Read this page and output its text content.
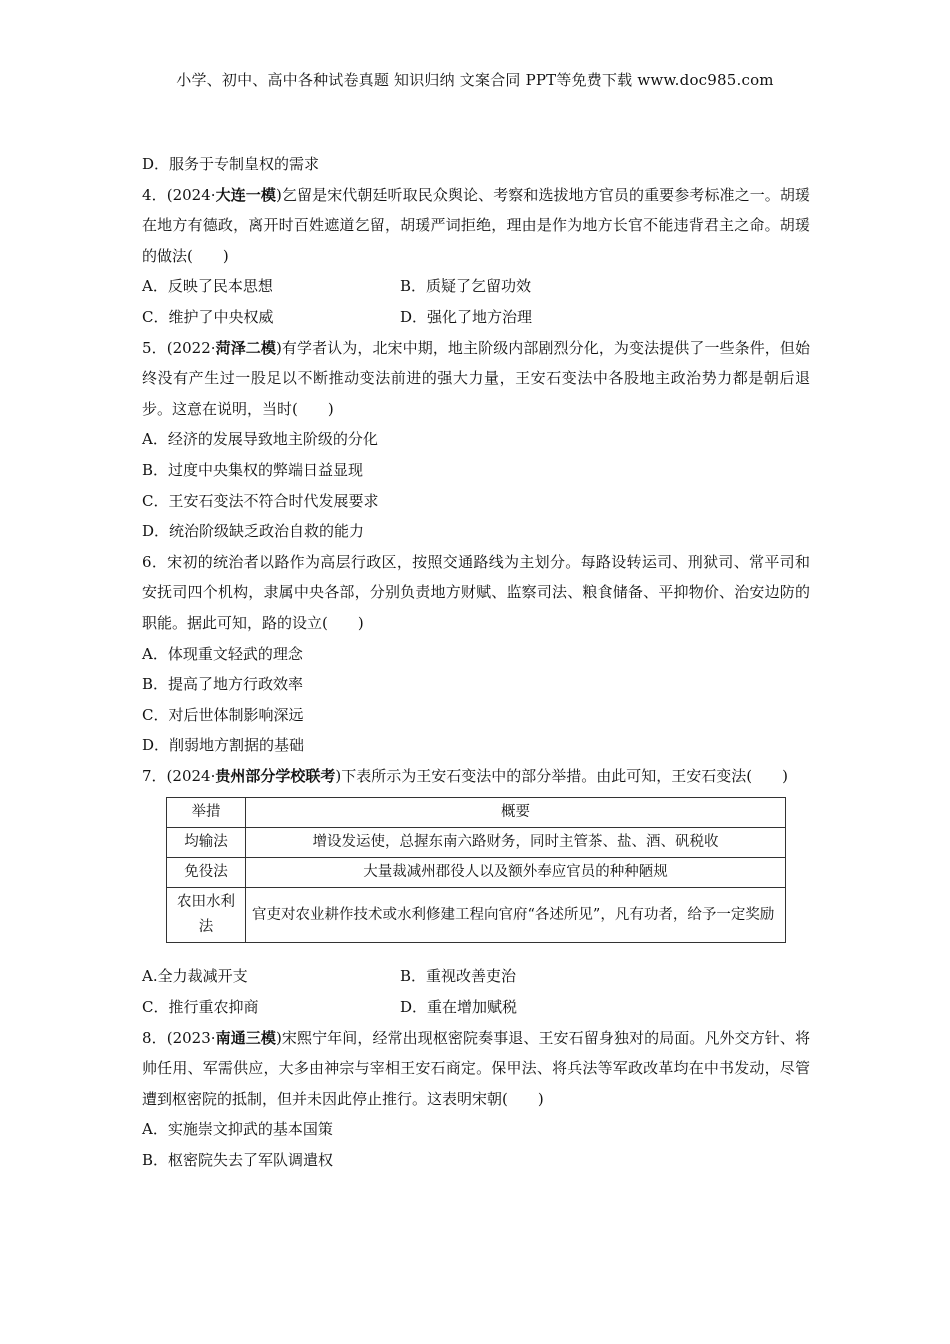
小学、初中、高中各种试卷真题 知识归纳 文案合同 PPT等免费下载 www.doc985.com
D．服务于专制皇权的需求
4．(2024·大连一模)乞留是宋代朝廷听取民众舆论、考察和选拔地方官员的重要参考标准之一。胡瑗在地方有德政，离开时百姓遮道乞留，胡瑗严词拒绝，理由是作为地方长官不能违背君主之命。胡瑗的做法(　　)
A．反映了民本思想	B．质疑了乞留功效
C．维护了中央权威	D．强化了地方治理
5．(2022·菏泽二模)有学者认为，北宋中期，地主阶级内部剧烈分化，为变法提供了一些条件，但始终没有产生过一股足以不断推动变法前进的强大力量，王安石变法中各股地主政治势力都是朝后退步。这意在说明，当时(　　)
A．经济的发展导致地主阶级的分化
B．过度中央集权的弊端日益显现
C．王安石变法不符合时代发展要求
D．统治阶级缺乏政治自救的能力
6．宋初的统治者以路作为高层行政区，按照交通路线为主划分。每路设转运司、刑狱司、常平司和安抚司四个机构，隶属中央各部，分别负责地方财赋、监察司法、粮食储备、平抑物价、治安边防的职能。据此可知，路的设立(　　)
A．体现重文轻武的理念
B．提高了地方行政效率
C．对后世体制影响深远
D．削弱地方割据的基础
7．(2024·贵州部分学校联考)下表所示为王安石变法中的部分举措。由此可知，王安石变法(　　)
举措	概要
均输法	增设发运使，总握东南六路财务，同时主管茶、盐、酒、矾税收
免役法	大量裁减州郡役人以及额外奉应官员的种种陋规
农田水利法	官吏对农业耕作技术或水利修建工程向官府“各述所见”，凡有功者，给予一定奖励
A.全力裁减开支	B．重视改善吏治
C．推行重农抑商	D．重在增加赋税
8．(2023·南通三模)宋熙宁年间，经常出现枢密院奏事退、王安石留身独对的局面。凡外交方针、将帅任用、军需供应，大多由神宗与宰相王安石商定。保甲法、将兵法等军政改革均在中书发动，尽管遭到枢密院的抵制，但并未因此停止推行。这表明宋朝(　　)
A．实施崇文抑武的基本国策
B．枢密院失去了军队调遣权
